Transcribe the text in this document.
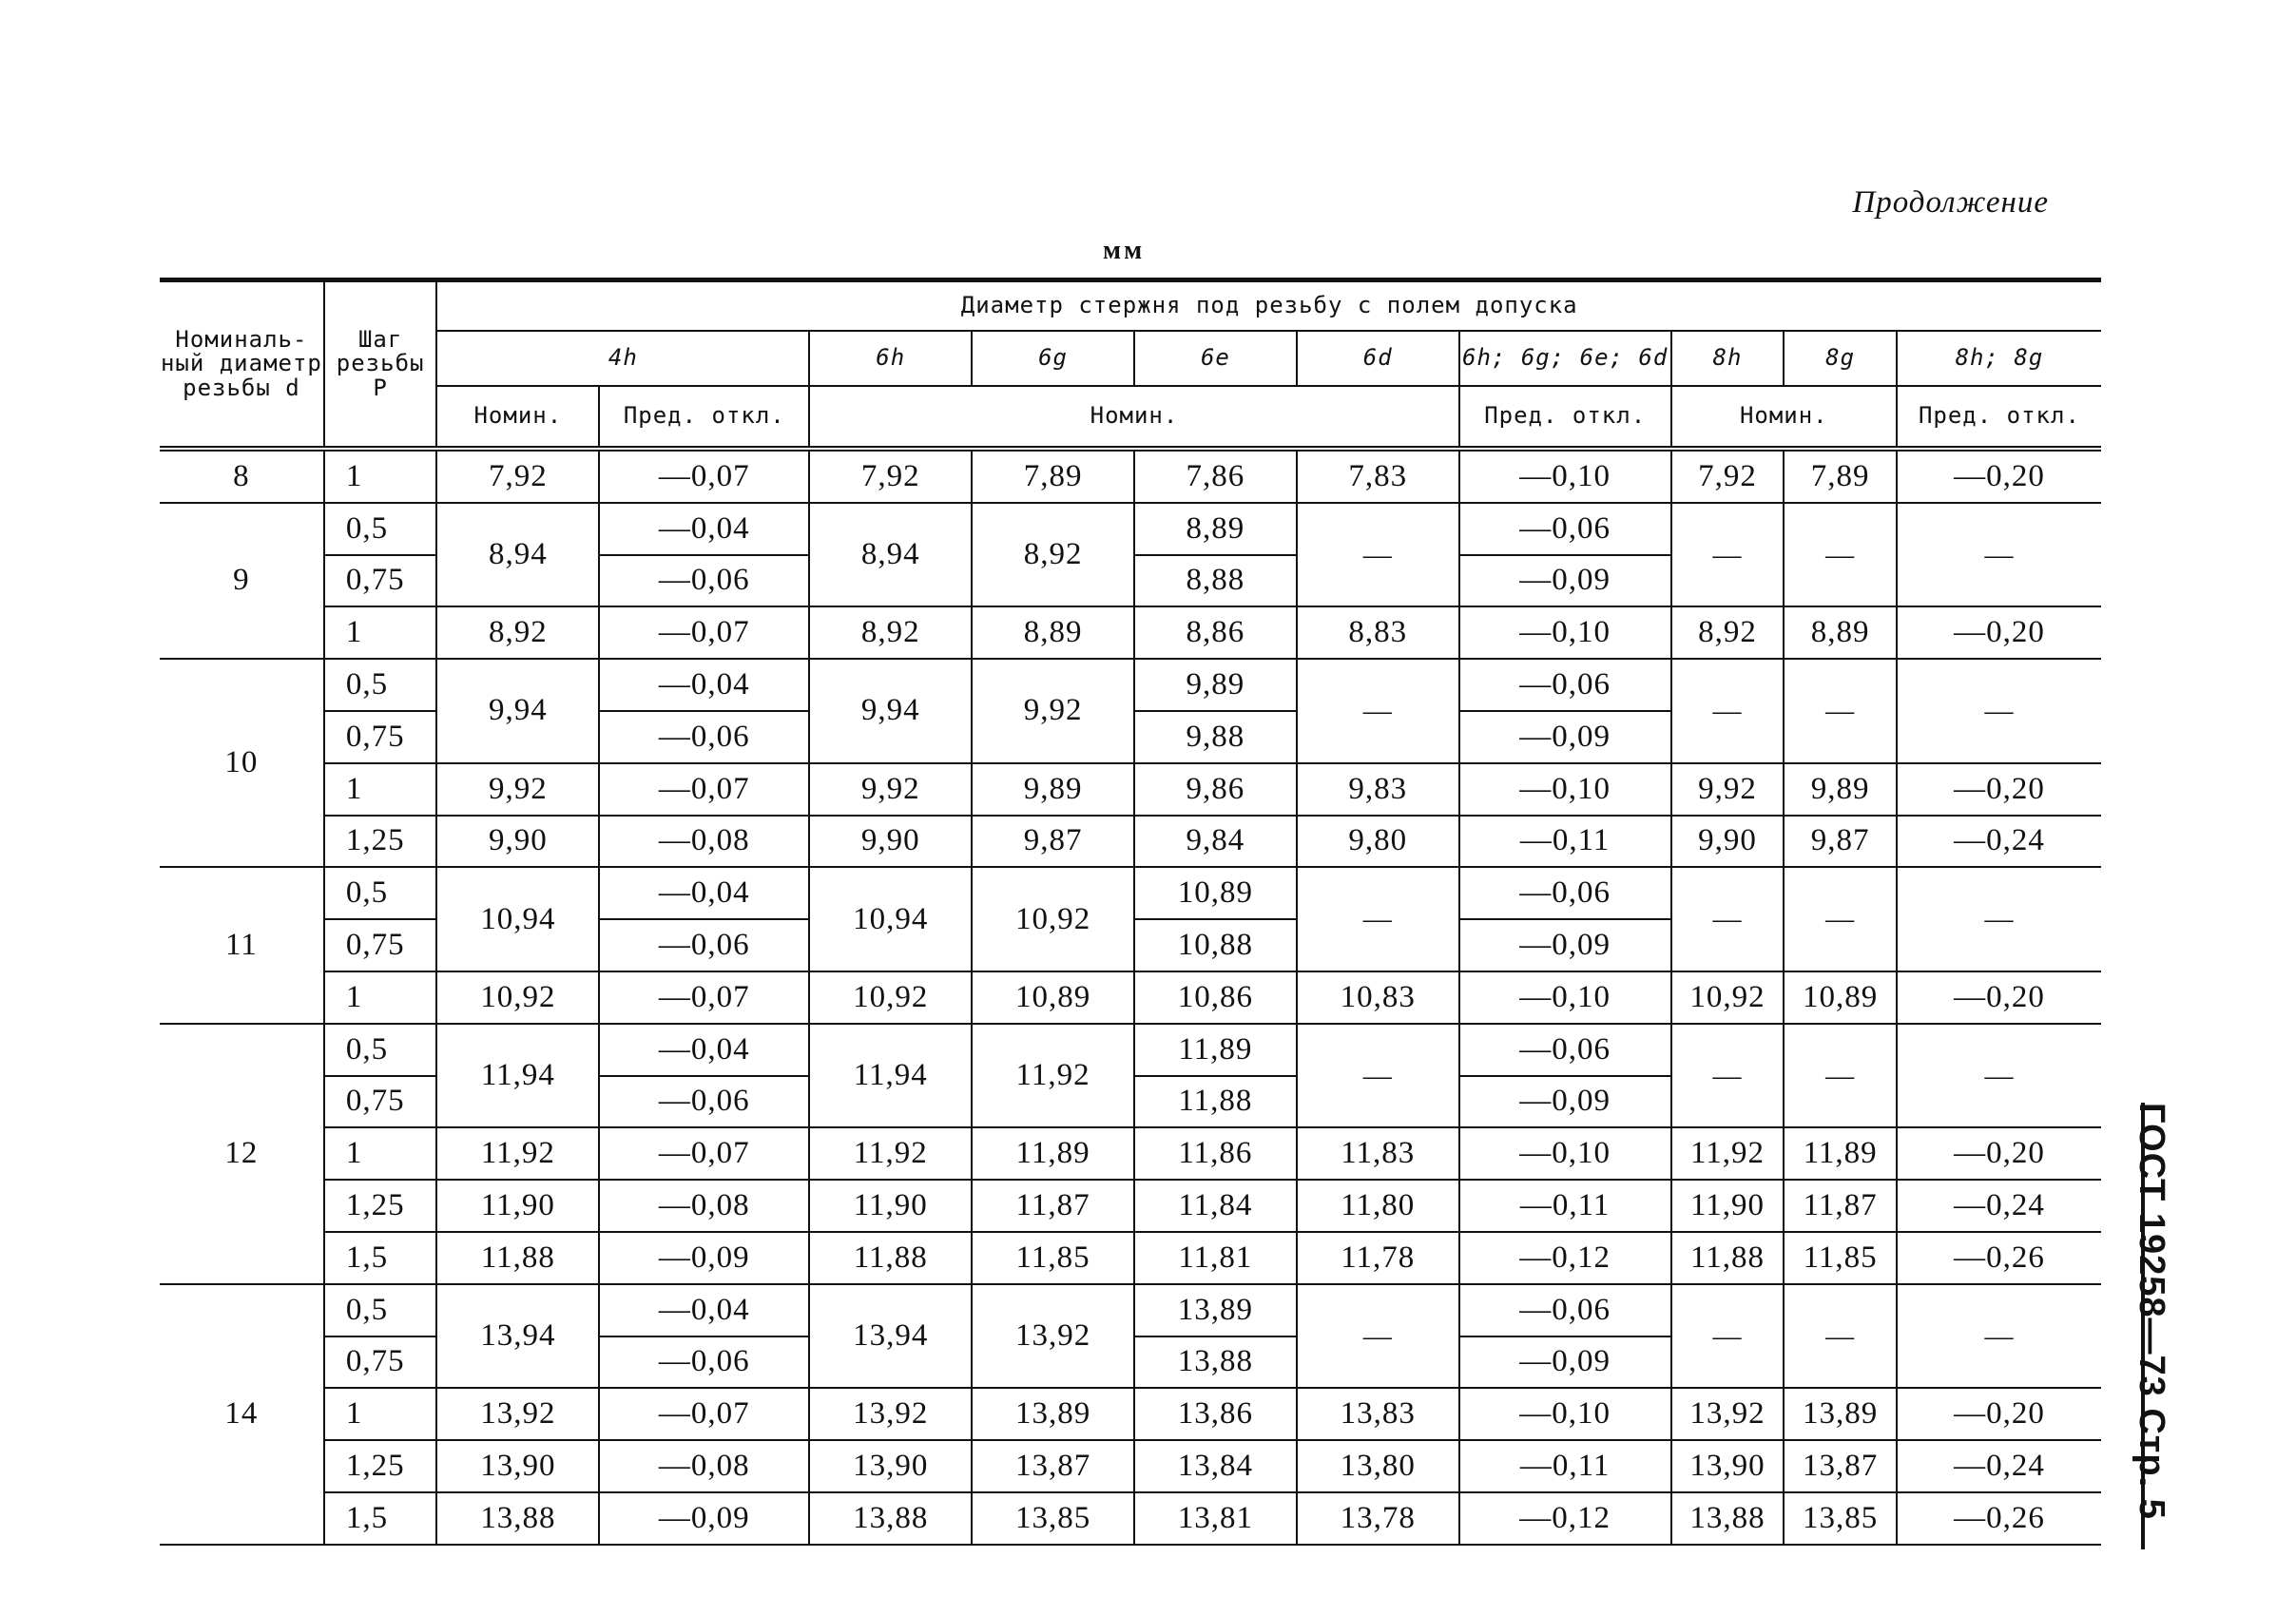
Продолжение
мм
Номиналь-ный диаметр резьбы d	Шаг резьбы P	Диаметр стержня под резьбу с полем допуска									
		4h		6h	6g	6e	6d	6h; 6g; 6e; 6d	8h	8g	8h; 8g
		Номин.	Пред. откл.	Номин.				Пред. откл.	Номин.		Пред. откл.
8	1	7,92	—0,07	7,92	7,89	7,86	7,83	—0,10	7,92	7,89	—0,20
9	0,5	8,94	—0,04	8,94	8,92	8,89	—	—0,06	—	—	—
	0,75		—0,06			8,88		—0,09			
	1	8,92	—0,07	8,92	8,89	8,86	8,83	—0,10	8,92	8,89	—0,20
10	0,5	9,94	—0,04	9,94	9,92	9,89	—	—0,06	—	—	—
	0,75		—0,06			9,88		—0,09			
	1	9,92	—0,07	9,92	9,89	9,86	9,83	—0,10	9,92	9,89	—0,20
	1,25	9,90	—0,08	9,90	9,87	9,84	9,80	—0,11	9,90	9,87	—0,24
11	0,5	10,94	—0,04	10,94	10,92	10,89	—	—0,06	—	—	—
	0,75		—0,06			10,88		—0,09			
	1	10,92	—0,07	10,92	10,89	10,86	10,83	—0,10	10,92	10,89	—0,20
12	0,5	11,94	—0,04	11,94	11,92	11,89	—	—0,06	—	—	—
	0,75		—0,06			11,88		—0,09			
	1	11,92	—0,07	11,92	11,89	11,86	11,83	—0,10	11,92	11,89	—0,20
	1,25	11,90	—0,08	11,90	11,87	11,84	11,80	—0,11	11,90	11,87	—0,24
	1,5	11,88	—0,09	11,88	11,85	11,81	11,78	—0,12	11,88	11,85	—0,26
14	0,5	13,94	—0,04	13,94	13,92	13,89	—	—0,06	—	—	—
	0,75		—0,06			13,88		—0,09			
	1	13,92	—0,07	13,92	13,89	13,86	13,83	—0,10	13,92	13,89	—0,20
	1,25	13,90	—0,08	13,90	13,87	13,84	13,80	—0,11	13,90	13,87	—0,24
	1,5	13,88	—0,09	13,88	13,85	13,81	13,78	—0,12	13,88	13,85	—0,26 ГОСТ 19258—73 Стр. 5
